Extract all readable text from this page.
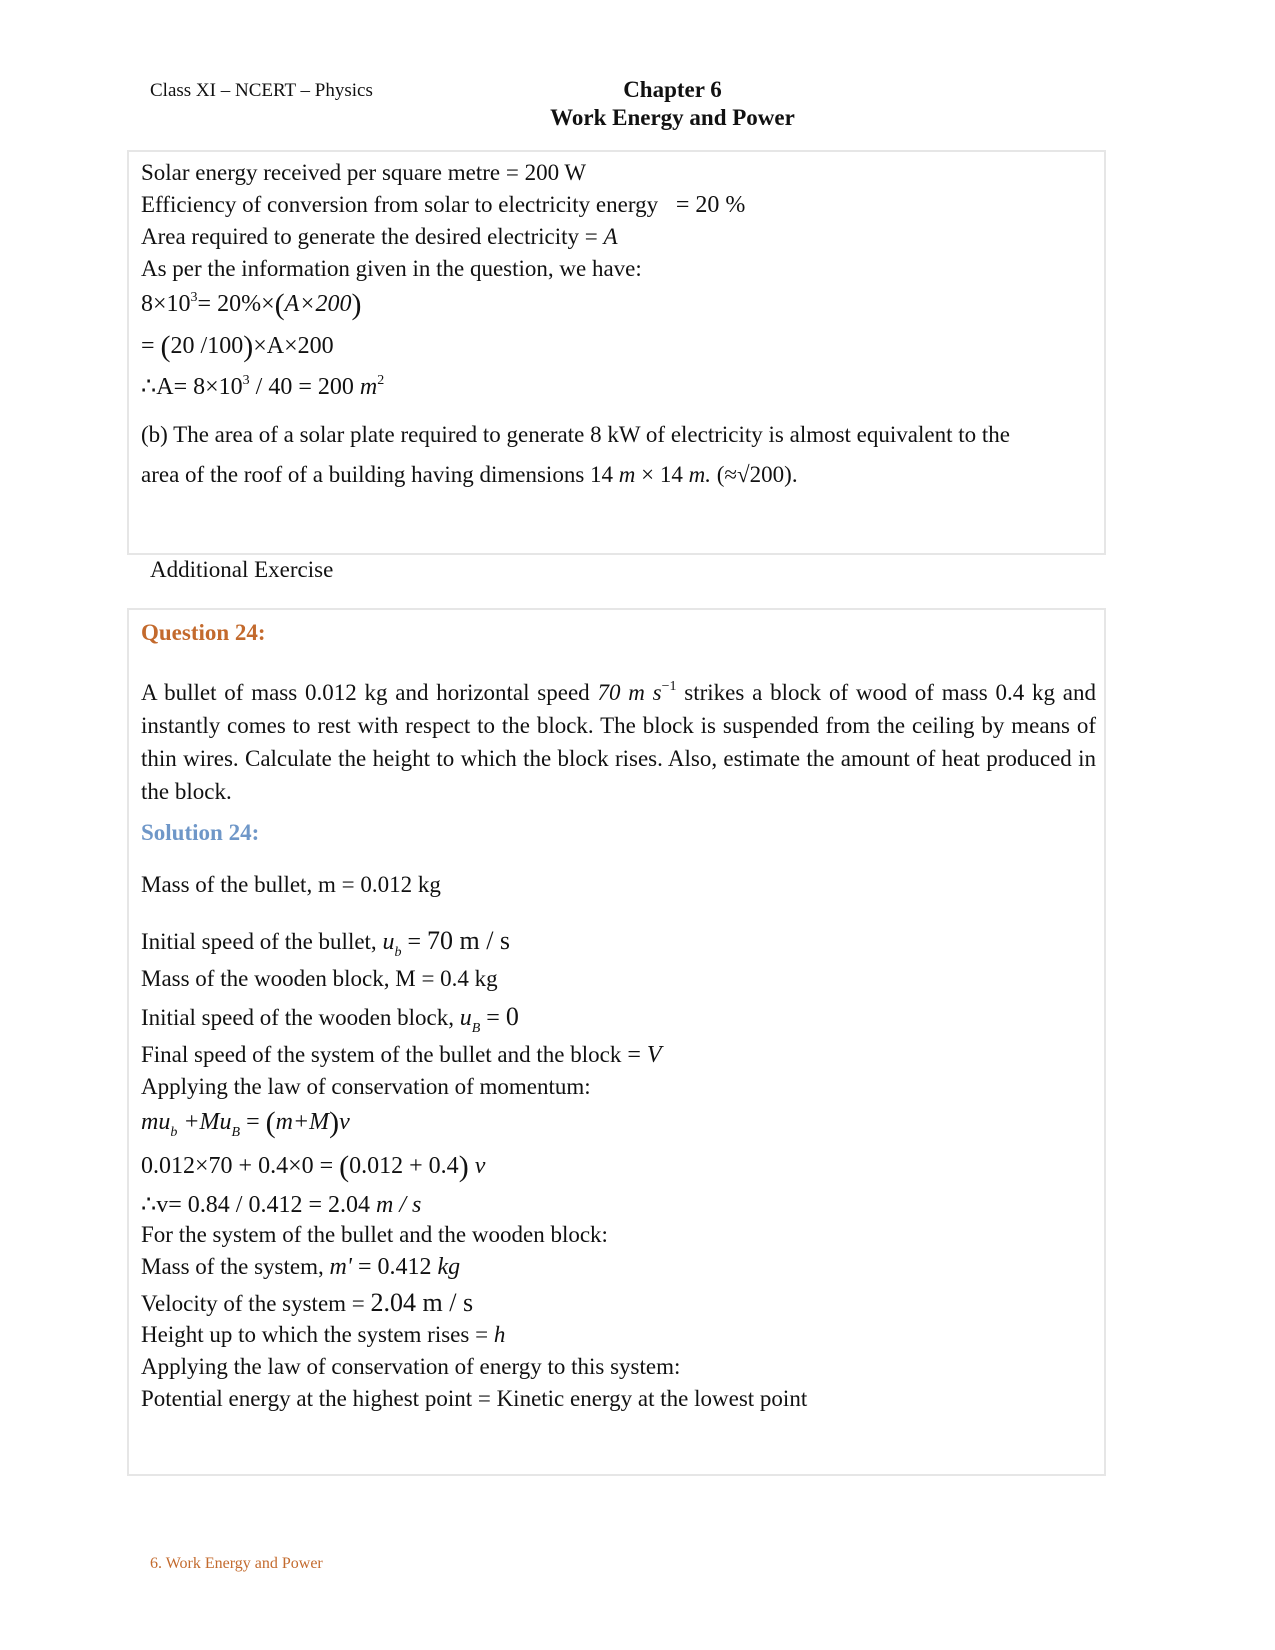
Class XI – NCERT – Physics	Chapter 6
Work Energy and Power
Solar energy received per square metre = 200 W
Efficiency of conversion from solar to electricity energy = 20 %
Area required to generate the desired electricity = A
As per the information given in the question, we have:
$8\times 10^3= 20\%\times(A\times 200)$
= (20 /100)×A×200
∴A= $8\times 10^3 / 40 = 200$ $m^2$
(b) The area of a solar plate required to generate 8 kW of electricity is almost equivalent to the
area of the roof of a building having dimensions 14 m × 14 m. (≈√200).
Additional Exercise
Question 24:
A bullet of mass 0.012 kg and horizontal speed 70 m $s^{-1}$ strikes a block of wood of mass 0.4 kg and instantly comes to rest with respect to the block. The block is suspended from the ceiling by means of thin wires. Calculate the height to which the block rises. Also, estimate the amount of heat produced in the block.
Solution 24:
Mass of the bullet, m = 0.012 kg
Initial speed of the bullet, $u_b = 70$ m / s
Mass of the wooden block, M = 0.4 kg
Initial speed of the wooden block, $u_B = 0$
Final speed of the system of the bullet and the block = V
Applying the law of conservation of momentum:
$mu_b +Mu_B = (m+M)v$
0.012×70 + 0.4×0 = (0.012 + 0.4) v
∴v= 0.84 / 0.412 = 2.04 m / s
For the system of the bullet and the wooden block:
Mass of the system, m' = 0.412 kg
Velocity of the system = 2.04 m / s
Height up to which the system rises = h
Applying the law of conservation of energy to this system:
Potential energy at the highest point = Kinetic energy at the lowest point
6. Work Energy and Power
